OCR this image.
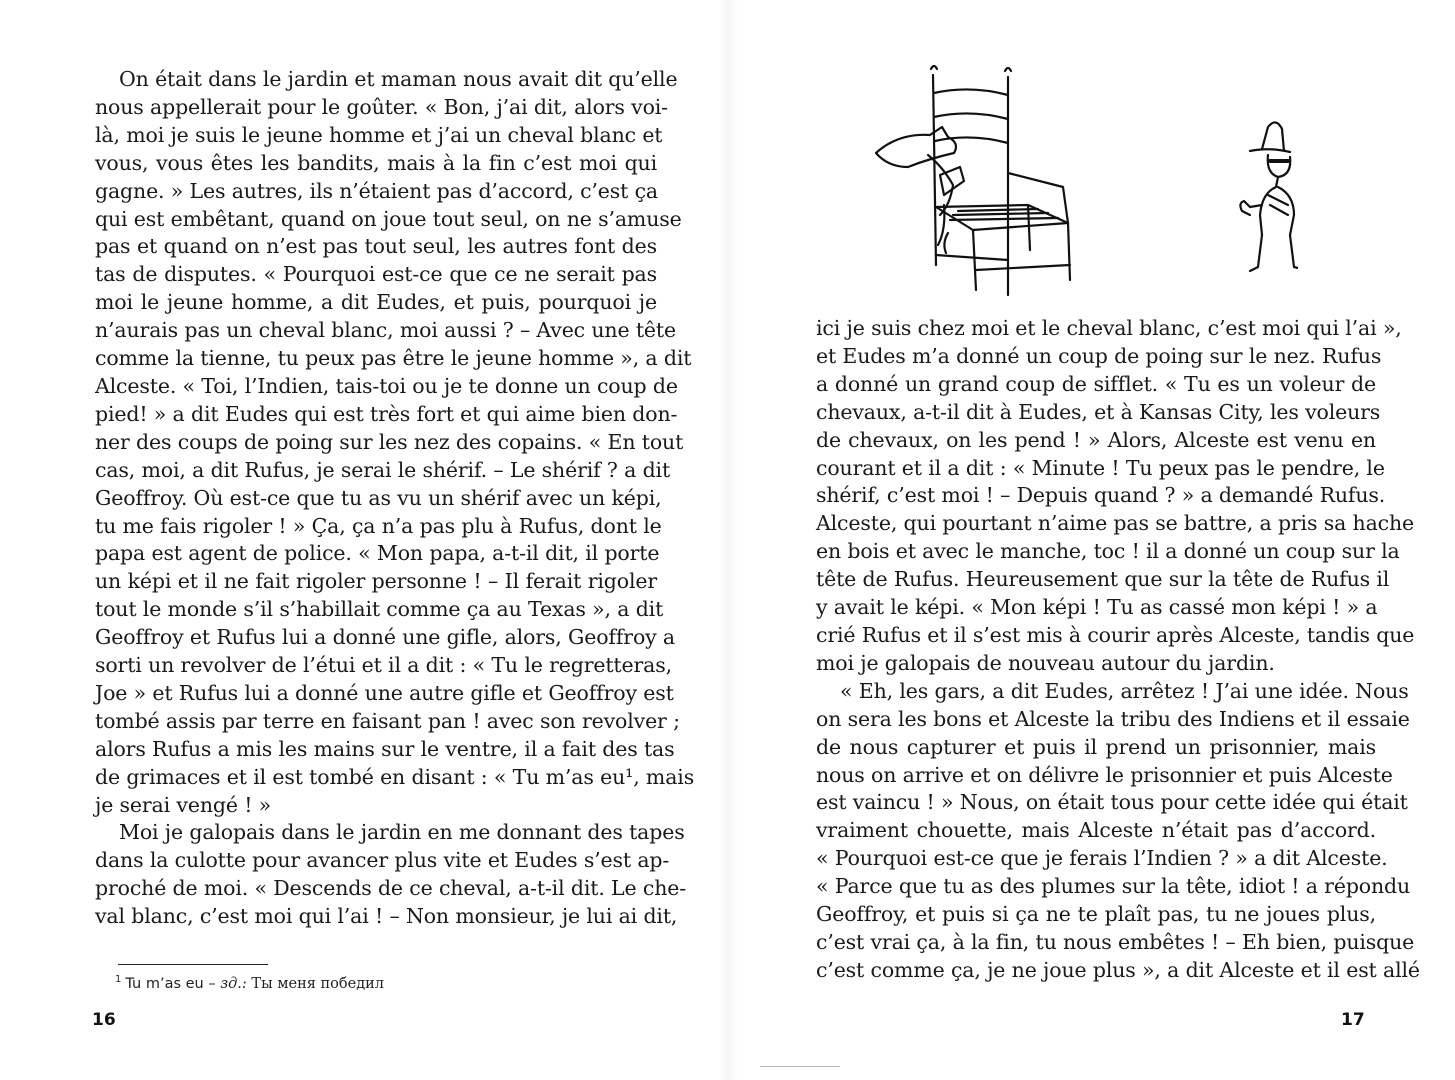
On était dans le jardin et maman nous avait dit qu’elle
nous appellerait pour le goûter. « Bon, j’ai dit, alors voi-
là, moi je suis le jeune homme et j’ai un cheval blanc et
vous, vous êtes les bandits, mais à la fin c’est moi qui
gagne. » Les autres, ils n’étaient pas d’accord, c’est ça
qui est embêtant, quand on joue tout seul, on ne s’amuse
pas et quand on n’est pas tout seul, les autres font des
tas de disputes. « Pourquoi est-ce que ce ne serait pas
moi le jeune homme, a dit Eudes, et puis, pourquoi je
n’aurais pas un cheval blanc, moi aussi ? – Avec une tête
comme la tienne, tu peux pas être le jeune homme », a dit
Alceste. « Toi, l’Indien, tais-toi ou je te donne un coup de
pied! » a dit Eudes qui est très fort et qui aime bien don-
ner des coups de poing sur les nez des copains. « En tout
cas, moi, a dit Rufus, je serai le shérif. – Le shérif ? a dit
Geoffroy. Où est-ce que tu as vu un shérif avec un képi,
tu me fais rigoler ! » Ça, ça n’a pas plu à Rufus, dont le
papa est agent de police. « Mon papa, a-t-il dit, il porte
un képi et il ne fait rigoler personne ! – Il ferait rigoler
tout le monde s’il s’habillait comme ça au Texas », a dit
Geoffroy et Rufus lui a donné une gifle, alors, Geoffroy a
sorti un revolver de l’étui et il a dit : « Tu le regretteras,
Joe » et Rufus lui a donné une autre gifle et Geoffroy est
tombé assis par terre en faisant pan ! avec son revolver ;
alors Rufus a mis les mains sur le ventre, il a fait des tas
de grimaces et il est tombé en disant : « Tu m’as eu¹, mais
je serai vengé ! »
Moi je galopais dans le jardin en me donnant des tapes
dans la culotte pour avancer plus vite et Eudes s’est ap-
proché de moi. « Descends de ce cheval, a-t-il dit. Le che-
val blanc, c’est moi qui l’ai ! – Non monsieur, je lui ai dit,
$^1$ Tu m’as eu – зд.: Ты меня победил
16
ici je suis chez moi et le cheval blanc, c’est moi qui l’ai »,
et Eudes m’a donné un coup de poing sur le nez. Rufus
a donné un grand coup de sifflet. « Tu es un voleur de
chevaux, a-t-il dit à Eudes, et à Kansas City, les voleurs
de chevaux, on les pend ! » Alors, Alceste est venu en
courant et il a dit : « Minute ! Tu peux pas le pendre, le
shérif, c’est moi ! – Depuis quand ? » a demandé Rufus.
Alceste, qui pourtant n’aime pas se battre, a pris sa hache
en bois et avec le manche, toc ! il a donné un coup sur la
tête de Rufus. Heureusement que sur la tête de Rufus il
y avait le képi. « Mon képi ! Tu as cassé mon képi ! » a
crié Rufus et il s’est mis à courir après Alceste, tandis que
moi je galopais de nouveau autour du jardin.
« Eh, les gars, a dit Eudes, arrêtez ! J’ai une idée. Nous
on sera les bons et Alceste la tribu des Indiens et il essaie
de nous capturer et puis il prend un prisonnier, mais
nous on arrive et on délivre le prisonnier et puis Alceste
est vaincu ! » Nous, on était tous pour cette idée qui était
vraiment chouette, mais Alceste n’était pas d’accord.
« Pourquoi est-ce que je ferais l’Indien ? » a dit Alceste.
« Parce que tu as des plumes sur la tête, idiot ! a répondu
Geoffroy, et puis si ça ne te plaît pas, tu ne joues plus,
c’est vrai ça, à la fin, tu nous embêtes ! – Eh bien, puisque
c’est comme ça, je ne joue plus », a dit Alceste et il est allé
17
